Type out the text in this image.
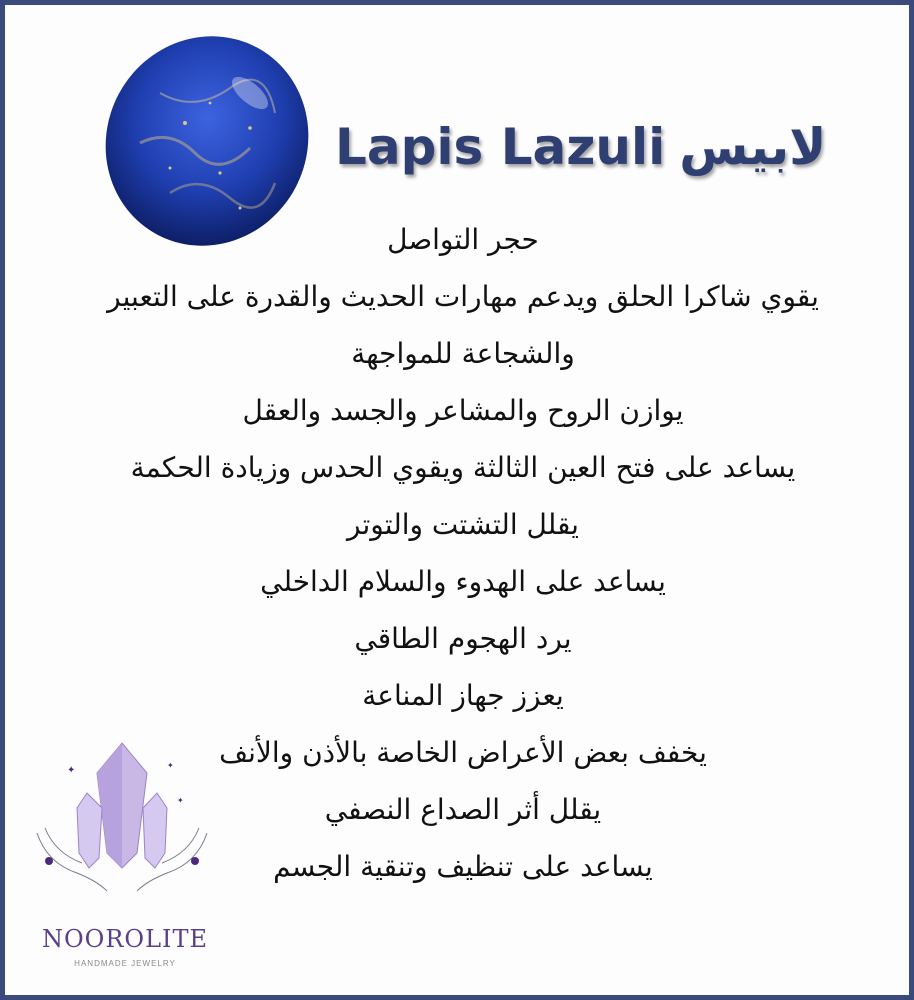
Lapis Lazuli لابيس
حجر التواصل
يقوي شاكرا الحلق ويدعم مهارات الحديث والقدرة على التعبير
والشجاعة للمواجهة
يوازن الروح والمشاعر والجسد والعقل
يساعد على فتح العين الثالثة ويقوي الحدس وزيادة الحكمة
يقلل التشتت والتوتر
يساعد على الهدوء والسلام الداخلي
يرد الهجوم الطاقي
يعزز جهاز المناعة
يخفف بعض الأعراض الخاصة بالأذن والأنف
يقلل أثر الصداع النصفي
يساعد على تنظيف وتنقية الجسم
✦	✦
✦
NOOROLITE
HANDMADE JEWELRY
